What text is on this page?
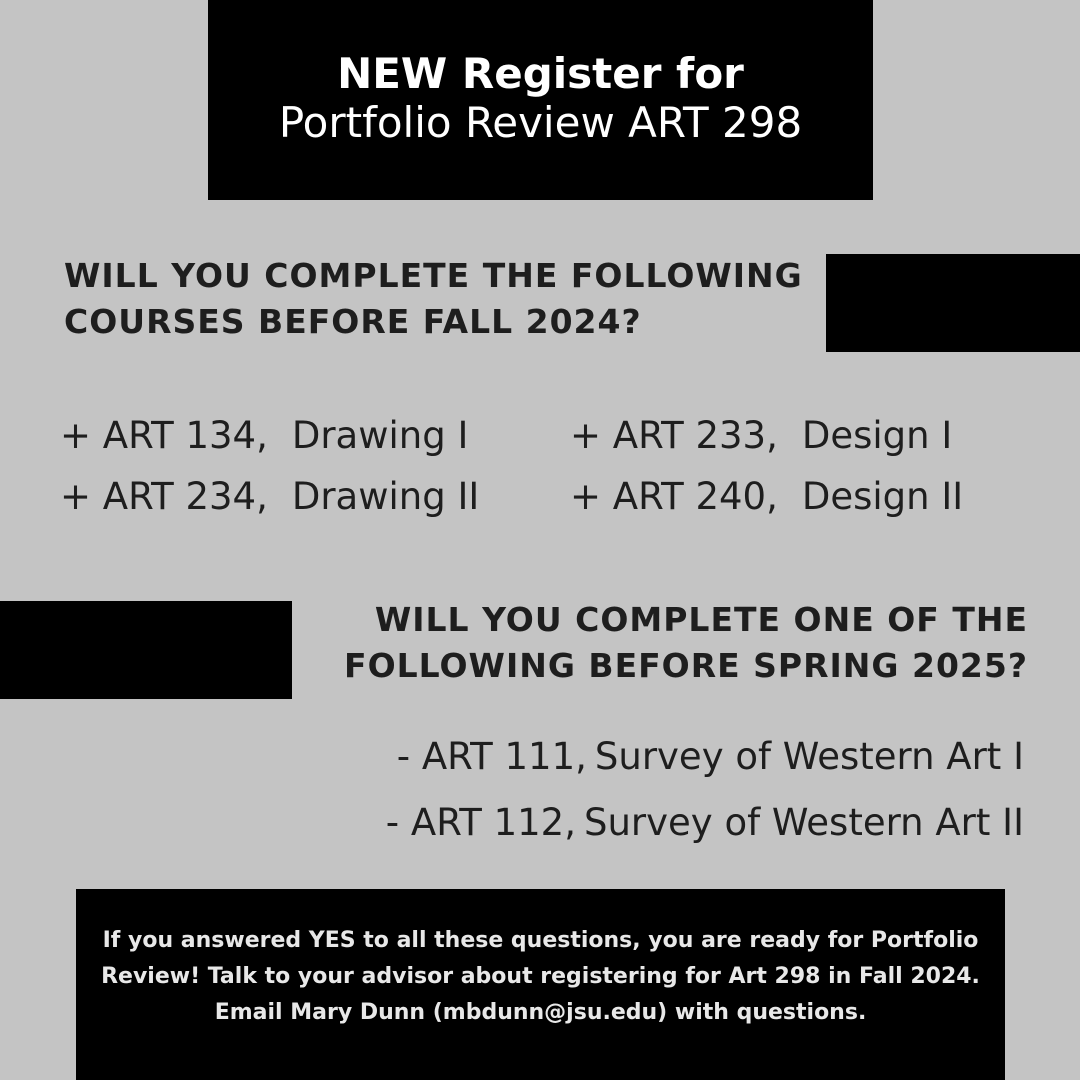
NEW Register for
Portfolio Review ART 298
WILL YOU COMPLETE THE FOLLOWING COURSES BEFORE FALL 2024?
+ ART 134, Drawing I
+ ART 234, Drawing II
+ ART 233, Design I
+ ART 240, Design II
WILL YOU COMPLETE ONE OF THE FOLLOWING BEFORE SPRING 2025?
- ART 111, Survey of Western Art I
- ART 112, Survey of Western Art II
If you answered YES to all these questions, you are ready for Portfolio Review! Talk to your advisor about registering for Art 298 in Fall 2024. Email Mary Dunn (mbdunn@jsu.edu) with questions.
